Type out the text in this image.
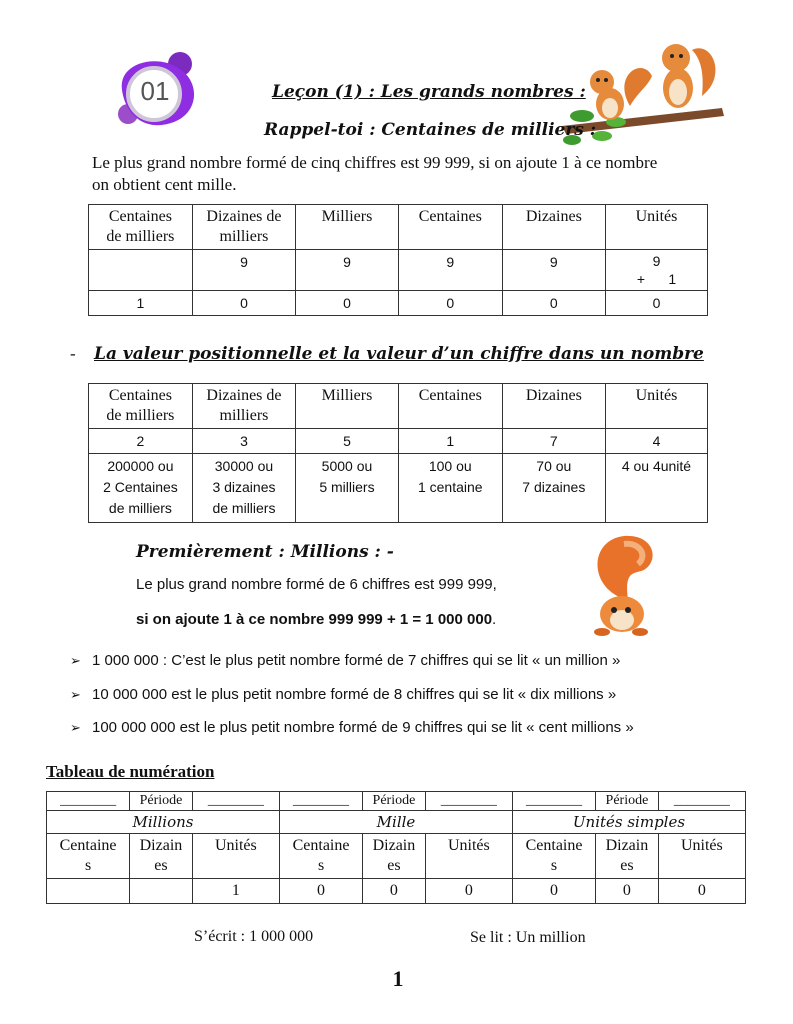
01	Leçon (1) : Les grands nombres :
Rappel-toi : Centaines de milliers :
Le plus grand nombre formé de cinq chiffres est 99 999, si on ajoute 1 à ce nombre
on obtient cent mille.
Centaines
de milliers	Dizaines de
milliers	Milliers	Centaines	Dizaines	Unités
	9	9	9	9	9
+      1

1	0	0	0	0	0
- La valeur positionnelle et la valeur d’un chiffre dans un nombre
Centaines
de milliers	Dizaines de
milliers	Milliers	Centaines	Dizaines	Unités
2	3	5	1	7	4
200000 ou
2 Centaines
de milliers	30000 ou
3 dizaines
de milliers	5000 ou
5 milliers	100 ou
1 centaine	70 ou
7 dizaines	4 ou 4unité
Premièrement : Millions : -
Le plus grand nombre formé de 6 chiffres est 999 999,
si on ajoute 1 à ce nombre 999 999 + 1 = 1 000 000.
➢ 1 000 000 : C’est le plus petit nombre formé de 7 chiffres qui se lit « un million »
➢ 10 000 000 est le plus petit nombre formé de 8 chiffres qui se lit « dix millions »
➢ 100 000 000 est le plus petit nombre formé de 9 chiffres qui se lit « cent millions »
Tableau de numération
________	Période	________	________	Période	________	________	Période	________
Millions			Mille			Unités simples		
Centaine
s	Dizain
es	Unités	Centaine
s	Dizain
es	Unités	Centaine
s	Dizain
es	Unités
		1	0	0	0	0	0	0
S’écrit : 1 000 000	Se lit : Un million
1
